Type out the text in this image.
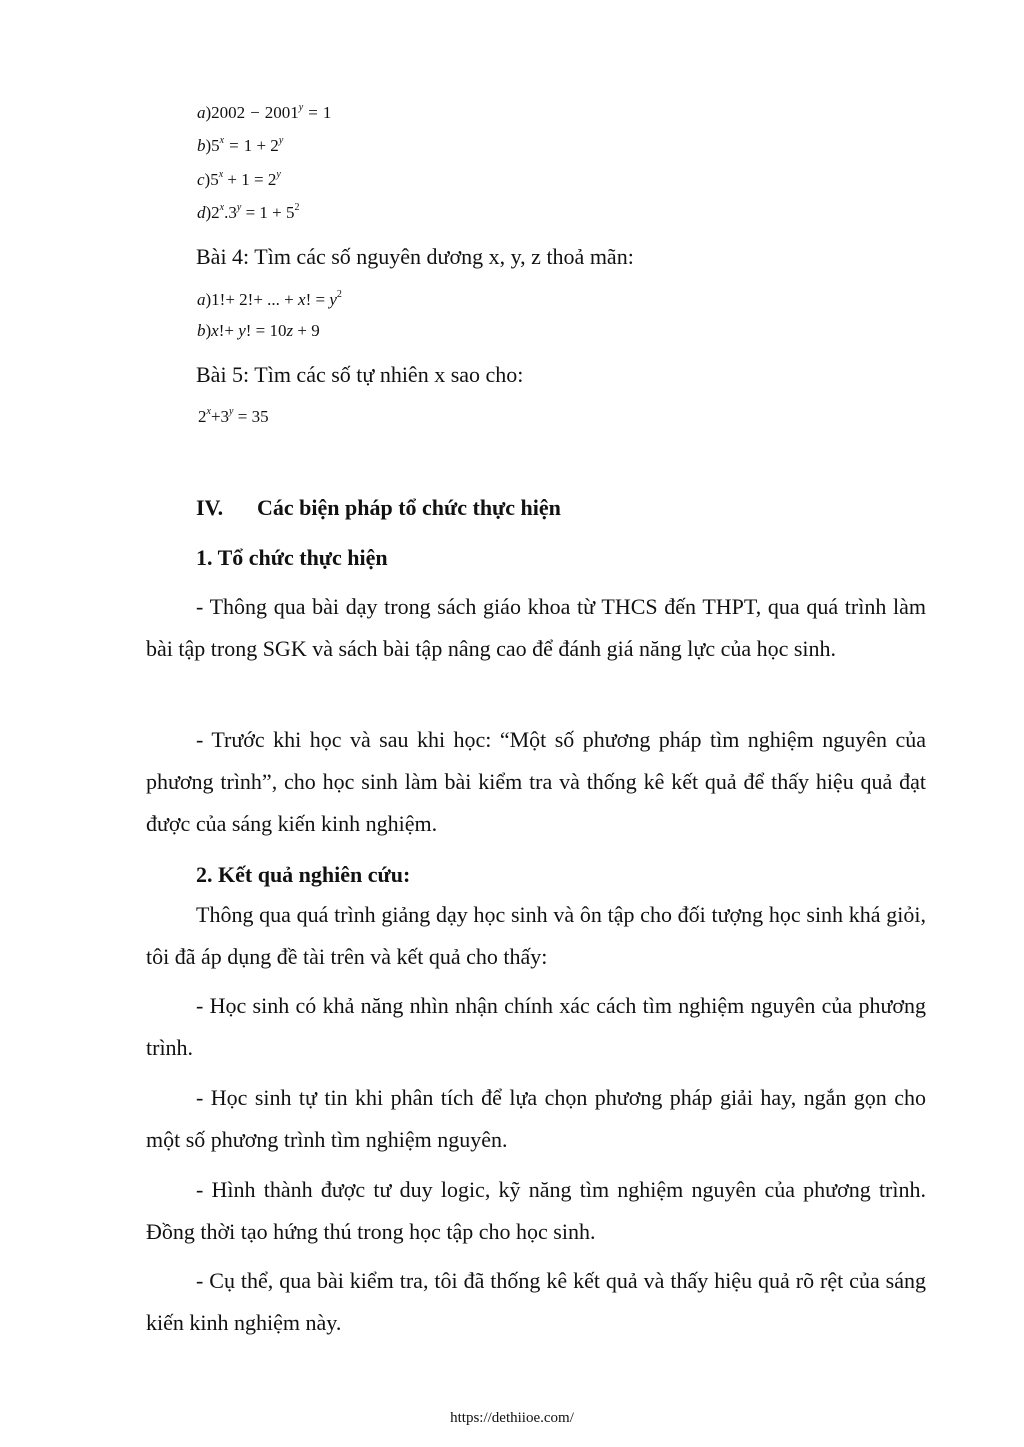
$a)2002 - 2001^y = 1$
$b)5^x = 1 + 2^y$
$c)5^x + 1 = 2^y$
$d)2^x.3^y = 1 + 5^2$
Bài 4: Tìm các số nguyên dương x, y, z thoả mãn:
a)1!+ 2!+ ... + x! = $y^2$
b)x!+ y! = 10z + 9
Bài 5: Tìm các số tự nhiên x sao cho:
$2^x+3^y = 35$
IV. Các biện pháp tổ chức thực hiện
1. Tổ chức thực hiện
- Thông qua bài dạy trong sách giáo khoa từ THCS đến THPT, qua quá trình làm bài tập trong SGK và sách bài tập nâng cao để đánh giá năng lực của học sinh.
- Trước khi học và sau khi học: “Một số phương pháp tìm nghiệm nguyên của phương trình”, cho học sinh làm bài kiểm tra và thống kê kết quả để thấy hiệu quả đạt được của sáng kiến kinh nghiệm.
2. Kết quả nghiên cứu:
Thông qua quá trình giảng dạy học sinh và ôn tập cho đối tượng học sinh khá giỏi, tôi đã áp dụng đề tài trên và kết quả cho thấy:
- Học sinh có khả năng nhìn nhận chính xác cách tìm nghiệm nguyên của phương trình.
- Học sinh tự tin khi phân tích để lựa chọn phương pháp giải hay, ngắn gọn cho một số phương trình tìm nghiệm nguyên.
- Hình thành được tư duy logic, kỹ năng tìm nghiệm nguyên của phương trình. Đồng thời tạo hứng thú trong học tập cho học sinh.
- Cụ thể, qua bài kiểm tra, tôi đã thống kê kết quả và thấy hiệu quả rõ rệt của sáng kiến kinh nghiệm này.
https://dethiioe.com/
